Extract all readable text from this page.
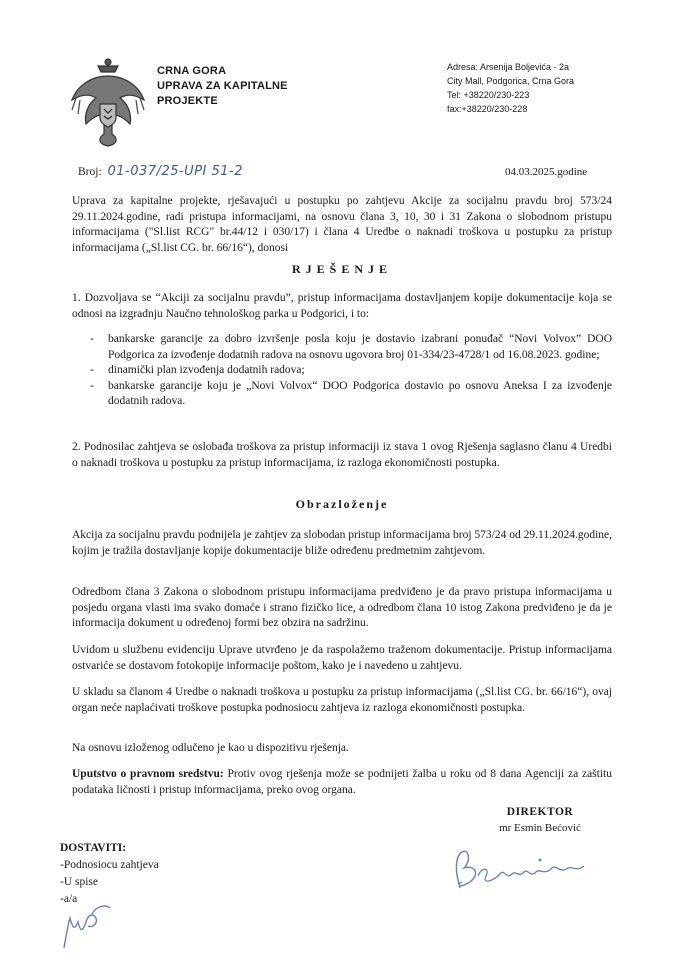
CRNA GORA
UPRAVA ZA KAPITALNE
PROJEKTE
Adresa: Arsenija Boljevića - 2a
City Mall, Podgorica, Crna Gora
Tel: +38220/230-223
fax:+38220/230-228
Broj: 01-037/25-UPI 51-2	04.03.2025.godine
Uprava za kapitalne projekte, rješavajući u postupku po zahtjevu Akcije za socijalnu pravdu broj 573/24 29.11.2024.godine, radi pristupa informacijami, na osnovu člana 3, 10, 30 i 31 Zakona o slobodnom pristupu informacijama ("Sl.list RCG" br.44/12 i 030/17) i člana 4 Uredbe o naknadi troškova u postupku za pristup informacijama („Sl.list CG. br. 66/16“), donosi
RJEŠENJE
1. Dozvoljava se “Akciji za socijalnu pravdu”, pristup informacijama dostavljanjem kopije dokumentacije koja se odnosi na izgradnju Naučno tehnološkog parka u Podgorici, i to:
- bankarske garancije za dobro izvršenje posla koju je dostavio izabrani ponuđač “Novi Volvox” DOO Podgorica za izvođenje dodatnih radova na osnovu ugovora broj 01-334/23-4728/1 od 16.08.2023. godine;
- dinamički plan izvođenja dodatnih radova;
- bankarske garancije koju je „Novi Volvox“ DOO Podgorica dostavio po osnovu Aneksa I za izvođenje dodatnih radova.
2. Podnosilac zahtjeva se oslobađa troškova za pristup informaciji iz stava 1 ovog Rješenja saglasno članu 4 Uredbi o naknadi troškova u postupku za pristup informacijama, iz razloga ekonomičnosti postupka.
Obrazloženje
Akcija za socijalnu pravdu podnijela je zahtjev za slobodan pristup informacijama broj 573/24 od 29.11.2024.godine, kojim je tražila dostavljanje kopije dokumentacije bliže određenu predmetnim zahtjevom.
Odredbom člana 3 Zakona o slobodnom pristupu informacijama predviđeno je da pravo pristupa informacijama u posjedu organa vlasti ima svako domaće i strano fizičko lice, a odredbom člana 10 istog Zakona predviđeno je da je informacija dokument u određenoj formi bez obzira na sadržinu.
Uvidom u službenu evidenciju Uprave utvrđeno je da raspolažemo traženom dokumentacije. Pristup informacijama ostvariće se dostavom fotokopije informacije poštom, kako je i navedeno u zahtjevu.
U skladu sa članom 4 Uredbe o naknadi troškova u postupku za pristup informacijama („Sl.list CG. br. 66/16“), ovaj organ neće naplaćivati troškove postupka podnosiocu zahtjeva iz razloga ekonomičnosti postupka.
Na osnovu izloženog odlučeno je kao u dispozitivu rješenja.
Uputstvo o pravnom sredstvu: Protiv ovog rješenja može se podnijeti žalba u roku od 8 dana Agenciji za zaštitu podataka ličnosti i pristup informacijama, preko ovog organa.
DIREKTOR
mr Esmin Bećović
DOSTAVITI:
-Podnosiocu zahtjeva
-U spise
-a/a
